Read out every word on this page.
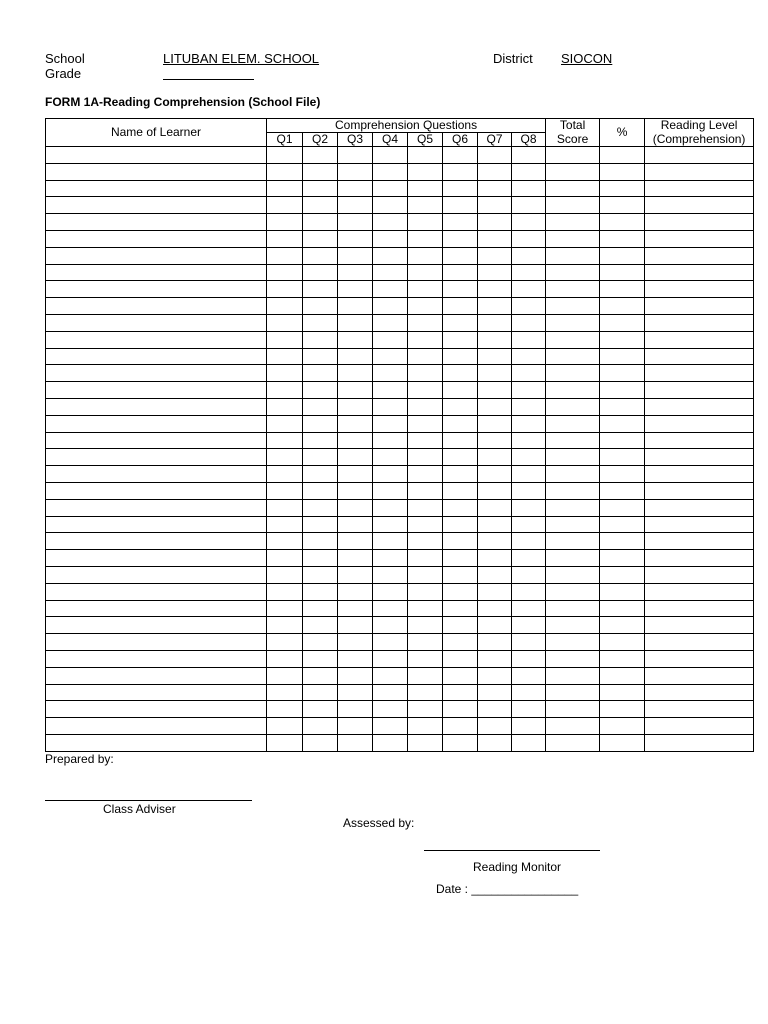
School	LITUBAN ELEM. SCHOOL	District SIOCON
Grade
FORM 1A-Reading Comprehension (School File)
Name of Learner	Comprehension Questions								Total	%	Reading Level
	Q1	Q2	Q3	Q4	Q5	Q6	Q7	Q8	Score		(Comprehension)

Prepared by:
Class Adviser
Assessed by:
Reading Monitor
Date : ________________
